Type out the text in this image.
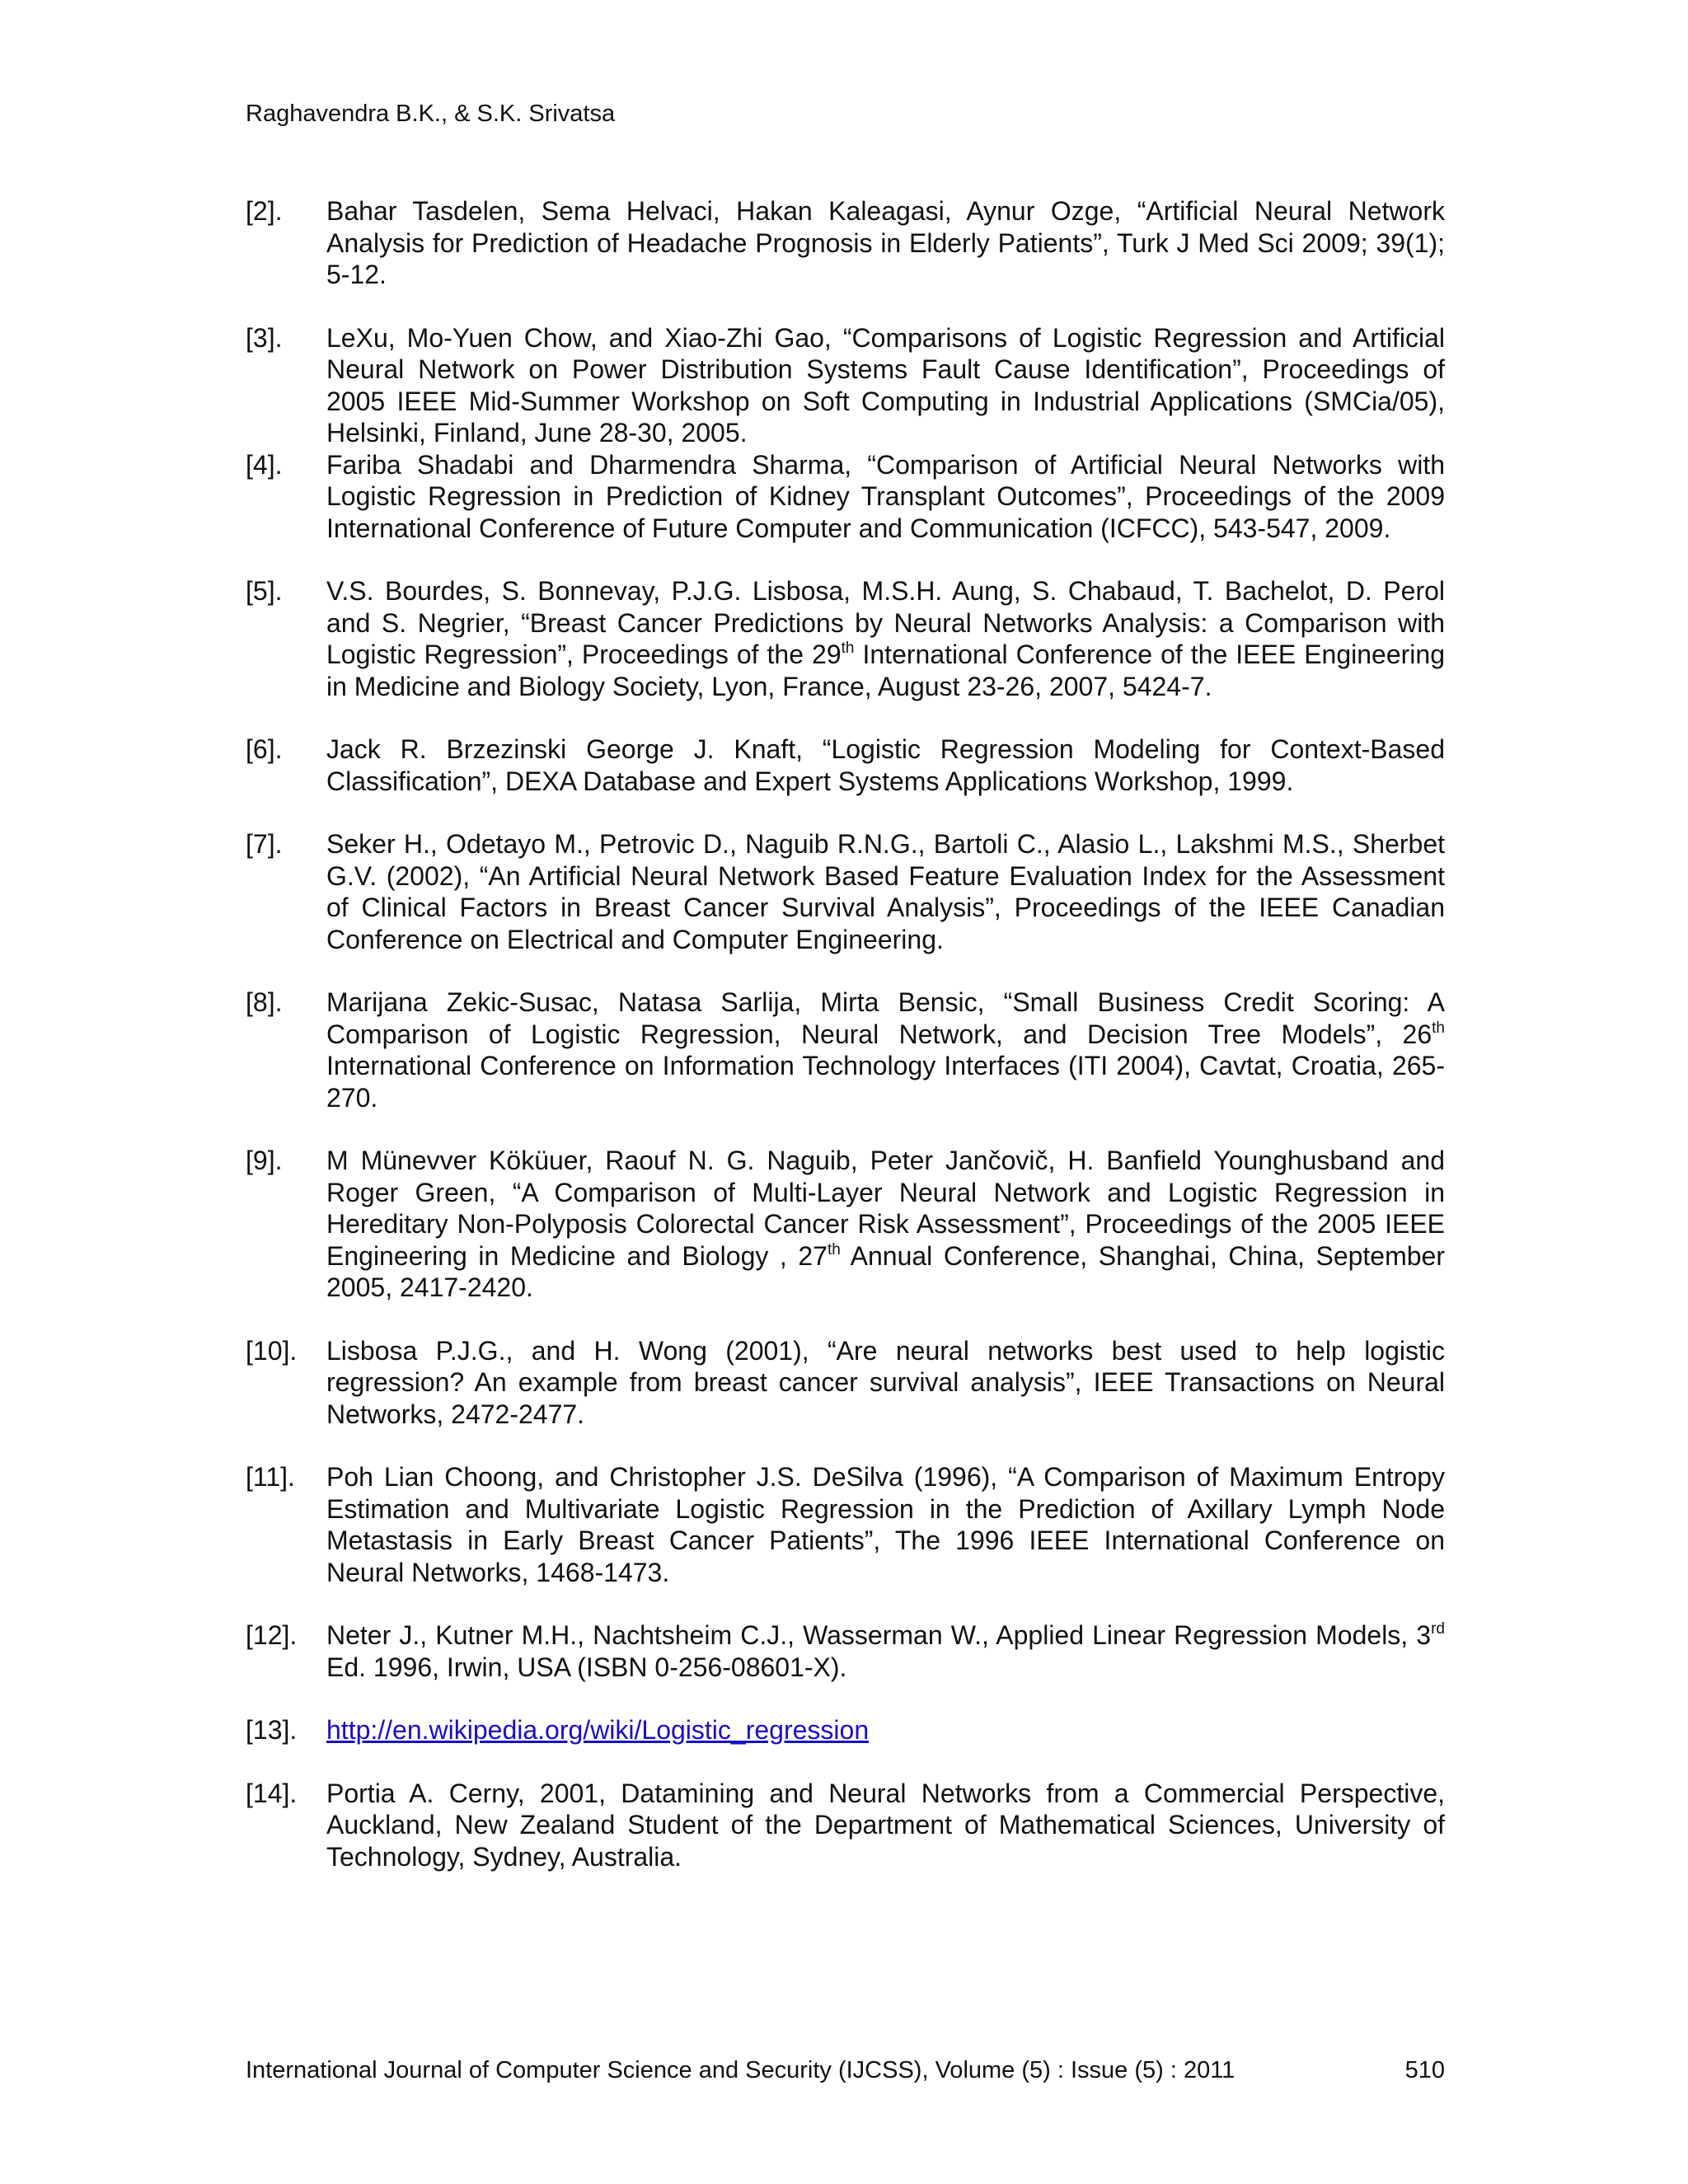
Raghavendra B.K., & S.K. Srivatsa
[2].	Bahar Tasdelen, Sema Helvaci, Hakan Kaleagasi, Aynur Ozge, “Artificial Neural Network Analysis for Prediction of Headache Prognosis in Elderly Patients”, Turk J Med Sci 2009; 39(1); 5-12.
[3].	LeXu, Mo-Yuen Chow, and Xiao-Zhi Gao, “Comparisons of Logistic Regression and Artificial Neural Network on Power Distribution Systems Fault Cause Identification”, Proceedings of 2005 IEEE Mid-Summer Workshop on Soft Computing in Industrial Applications (SMCia/05), Helsinki, Finland, June 28-30, 2005.
[4].	Fariba Shadabi and Dharmendra Sharma, “Comparison of Artificial Neural Networks with Logistic Regression in Prediction of Kidney Transplant Outcomes”, Proceedings of the 2009 International Conference of Future Computer and Communication (ICFCC), 543-547, 2009.
[5].	V.S. Bourdes, S. Bonnevay, P.J.G. Lisbosa, M.S.H. Aung, S. Chabaud, T. Bachelot, D. Perol and S. Negrier, “Breast Cancer Predictions by Neural Networks Analysis: a Comparison with Logistic Regression”, Proceedings of the 29th International Conference of the IEEE Engineering in Medicine and Biology Society, Lyon, France, August 23-26, 2007, 5424-7.
[6].	Jack R. Brzezinski George J. Knaft, “Logistic Regression Modeling for Context-Based Classification”, DEXA Database and Expert Systems Applications Workshop, 1999.
[7].	Seker H., Odetayo M., Petrovic D., Naguib R.N.G., Bartoli C., Alasio L., Lakshmi M.S., Sherbet G.V. (2002), “An Artificial Neural Network Based Feature Evaluation Index for the Assessment of Clinical Factors in Breast Cancer Survival Analysis”, Proceedings of the IEEE Canadian Conference on Electrical and Computer Engineering.
[8].	Marijana Zekic-Susac, Natasa Sarlija, Mirta Bensic, “Small Business Credit Scoring: A Comparison of Logistic Regression, Neural Network, and Decision Tree Models”, 26th International Conference on Information Technology Interfaces (ITI 2004), Cavtat, Croatia, 265-270.
[9].	M Münevver Köküuer, Raouf N. G. Naguib, Peter Jančovič, H. Banfield Younghusband and Roger Green, “A Comparison of Multi-Layer Neural Network and Logistic Regression in Hereditary Non-Polyposis Colorectal Cancer Risk Assessment”, Proceedings of the 2005 IEEE Engineering in Medicine and Biology , 27th Annual Conference, Shanghai, China, September 2005, 2417-2420.
[10].	Lisbosa P.J.G., and H. Wong (2001), “Are neural networks best used to help logistic regression? An example from breast cancer survival analysis”, IEEE Transactions on Neural Networks, 2472-2477.
[11].	Poh Lian Choong, and Christopher J.S. DeSilva (1996), “A Comparison of Maximum Entropy Estimation and Multivariate Logistic Regression in the Prediction of Axillary Lymph Node Metastasis in Early Breast Cancer Patients”, The 1996 IEEE International Conference on Neural Networks, 1468-1473.
[12].	Neter J., Kutner M.H., Nachtsheim C.J., Wasserman W., Applied Linear Regression Models, 3rd Ed. 1996, Irwin, USA (ISBN 0-256-08601-X).
[13].	http://en.wikipedia.org/wiki/Logistic_regression
[14].	Portia A. Cerny, 2001, Datamining and Neural Networks from a Commercial Perspective, Auckland, New Zealand Student of the Department of Mathematical Sciences, University of Technology, Sydney, Australia.
International Journal of Computer Science and Security (IJCSS), Volume (5) : Issue (5) : 2011	510
